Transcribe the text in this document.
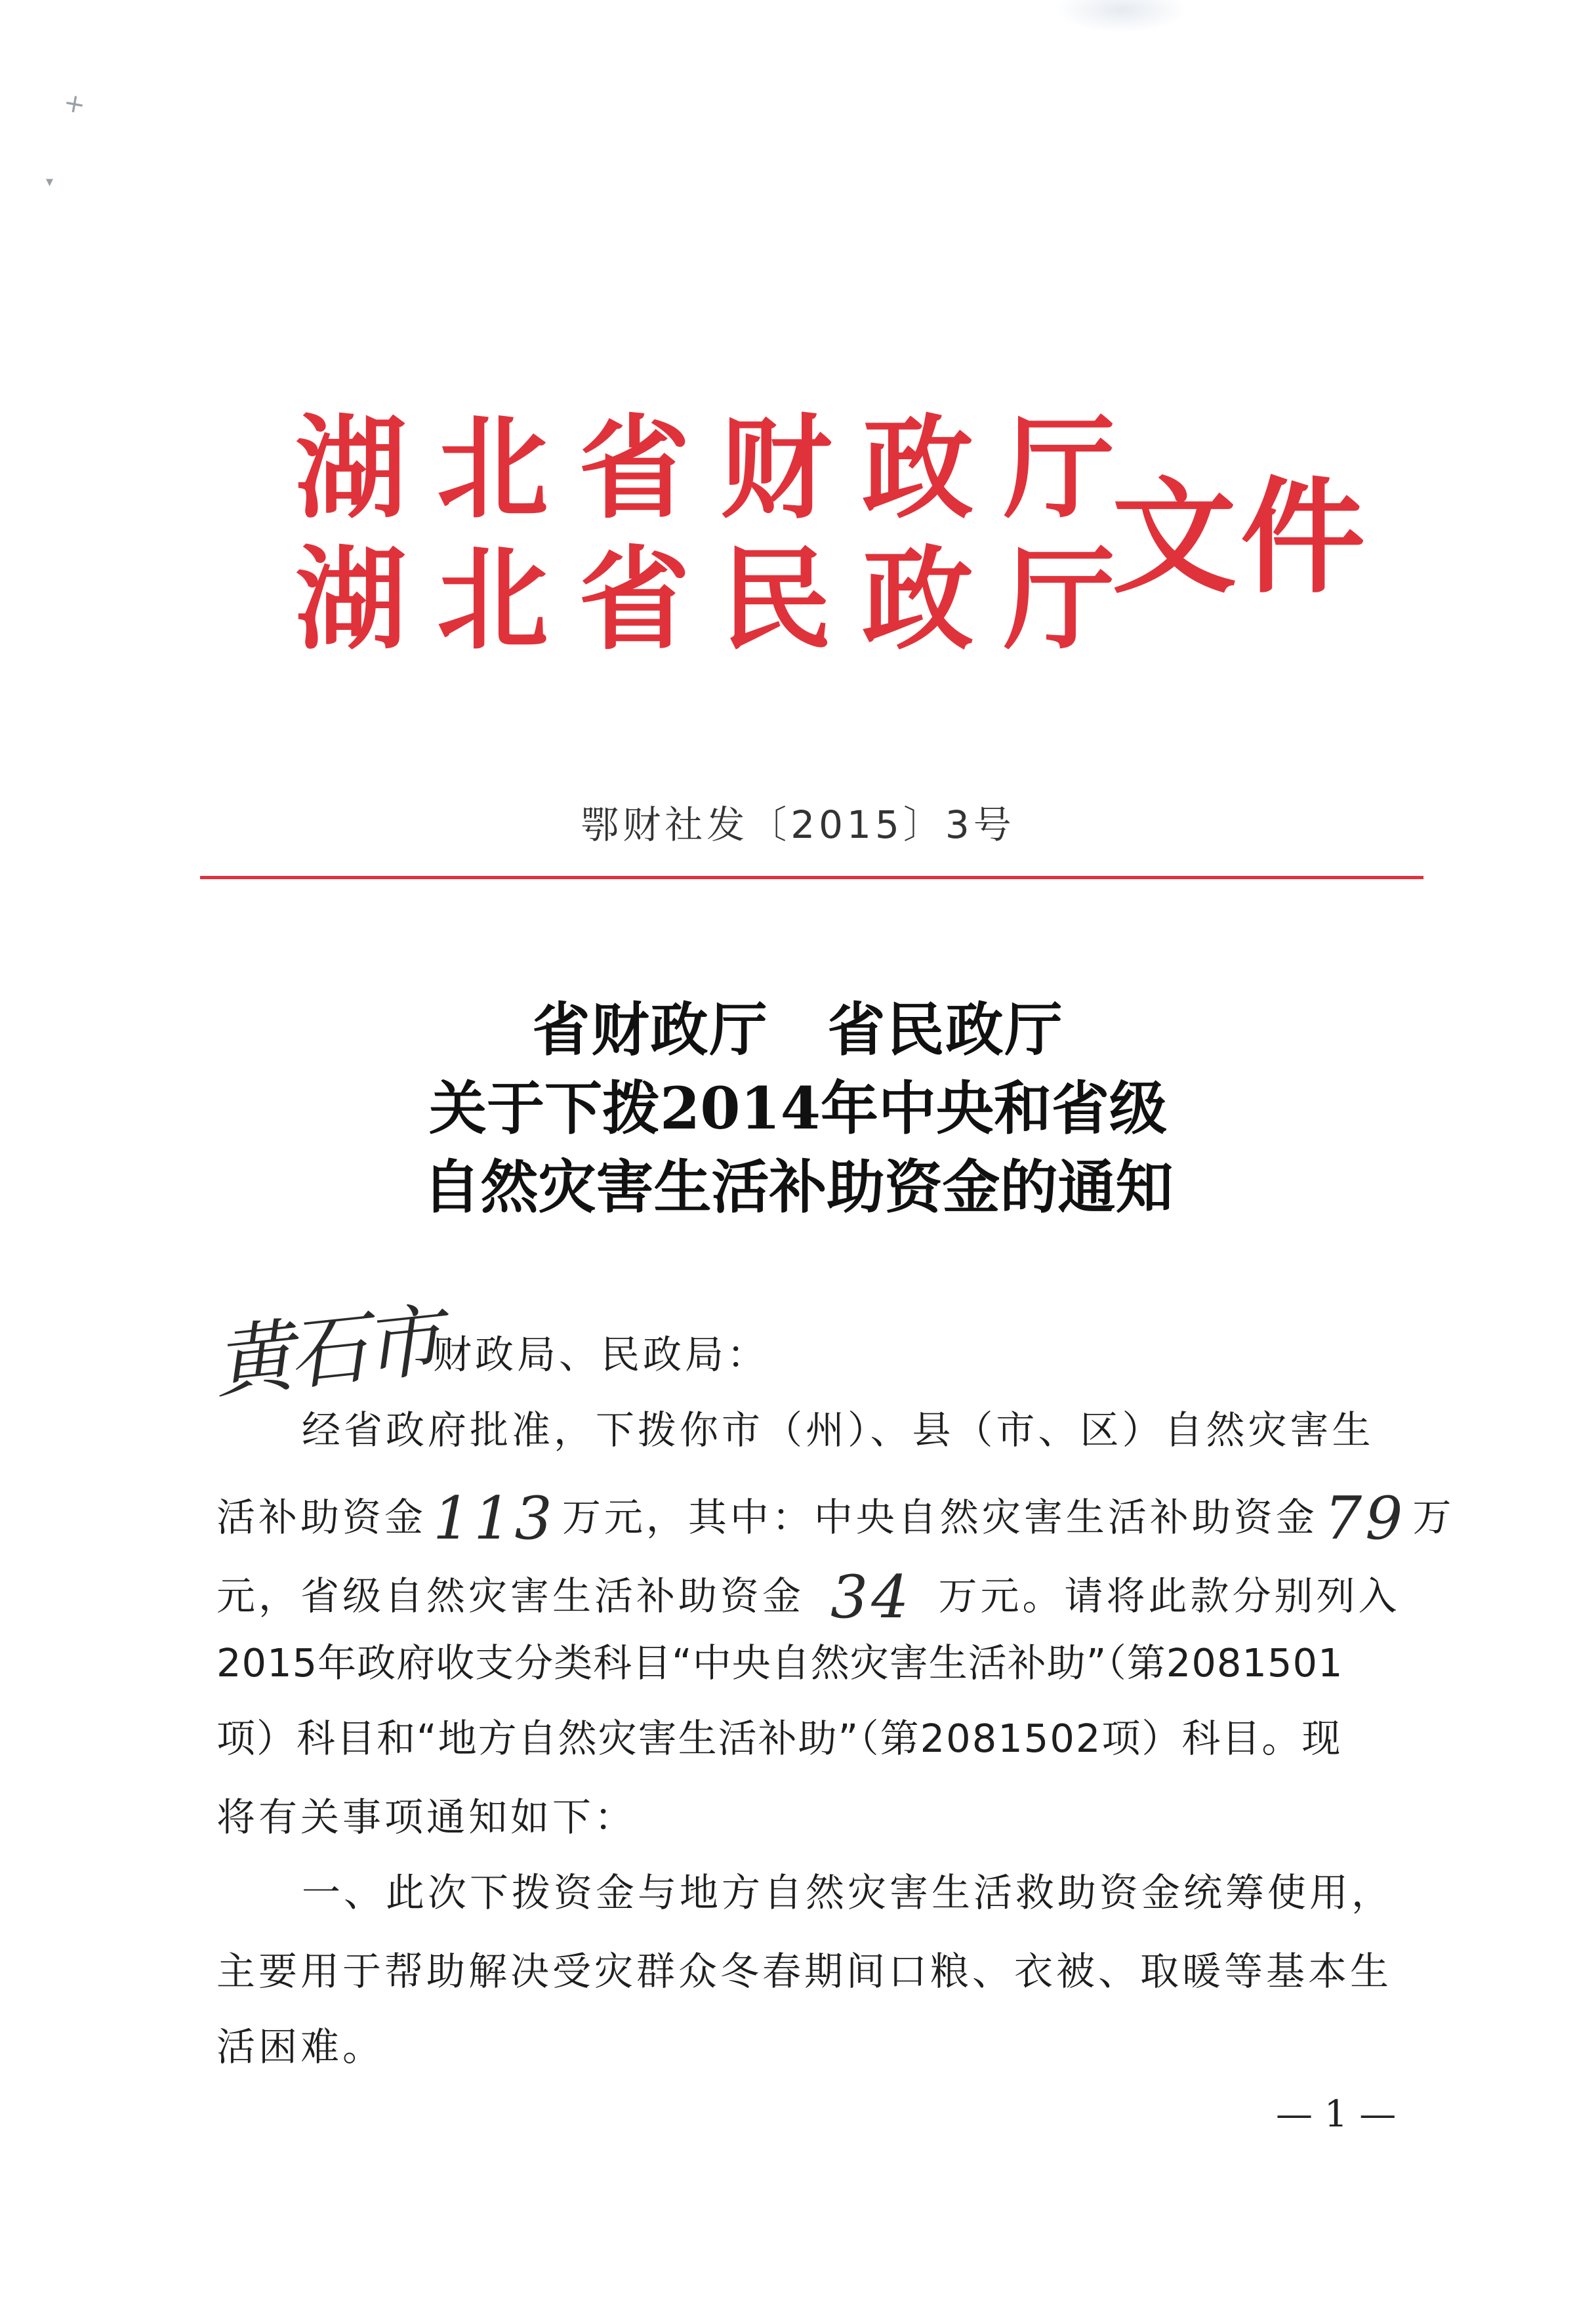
✕
▾
湖北省财政厅
湖北省民政厅
文件
鄂财社发〔2015〕3号
省财政厅　省民政厅
关于下拨2014年中央和省级
自然灾害生活补助资金的通知
黄石市
财政局、民政局：
经省政府批准，下拨你市（州）、县（市、区）自然灾害生
活补助资金 113 万元，其中：中央自然灾害生活补助资金 79 万
元，省级自然灾害生活补助资金 34 万元。请将此款分别列入
2015年政府收支分类科目“中央自然灾害生活补助”（第2081501
项）科目和“地方自然灾害生活补助”（第2081502项）科目。现
将有关事项通知如下：
一、此次下拨资金与地方自然灾害生活救助资金统筹使用，
主要用于帮助解决受灾群众冬春期间口粮、衣被、取暖等基本生
活困难。
— 1 —
